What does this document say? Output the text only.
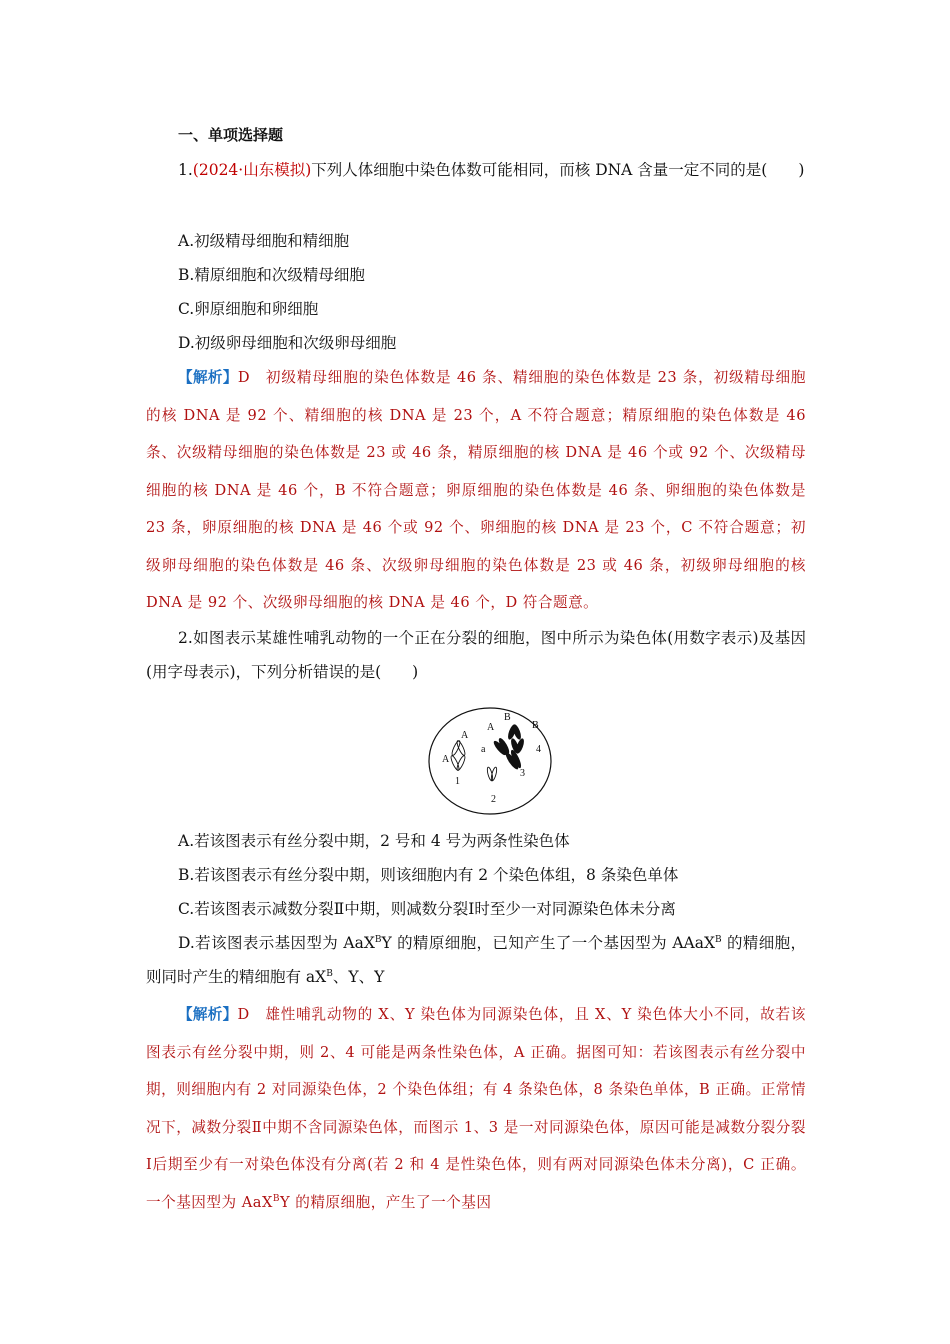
一、单项选择题
1.(2024·山东模拟)下列人体细胞中染色体数可能相同，而核 DNA 含量一定不同的是(　　)
A.初级精母细胞和精细胞
B.精原细胞和次级精母细胞
C.卵原细胞和卵细胞
D.初级卵母细胞和次级卵母细胞
【解析】D　初级精母细胞的染色体数是 46 条、精细胞的染色体数是 23 条，初级精母细胞的核 DNA 是 92 个、精细胞的核 DNA 是 23 个，A 不符合题意；精原细胞的染色体数是 46 条、次级精母细胞的染色体数是 23 或 46 条，精原细胞的核 DNA 是 46 个或 92 个、次级精母细胞的核 DNA 是 46 个，B 不符合题意；卵原细胞的染色体数是 46 条、卵细胞的染色体数是 23 条，卵原细胞的核 DNA 是 46 个或 92 个、卵细胞的核 DNA 是 23 个，C 不符合题意；初级卵母细胞的染色体数是 46 条、次级卵母细胞的染色体数是 23 或 46 条，初级卵母细胞的核 DNA 是 92 个、次级卵母细胞的核 DNA 是 46 个，D 符合题意。
2.如图表示某雄性哺乳动物的一个正在分裂的细胞，图中所示为染色体(用数字表示)及基因(用字母表示)，下列分析错误的是(　　)
A
A
A
a
B
B
1
2
3
4
A.若该图表示有丝分裂中期，2 号和 4 号为两条性染色体
B.若该图表示有丝分裂中期，则该细胞内有 2 个染色体组，8 条染色单体
C.若该图表示减数分裂Ⅱ中期，则减数分裂Ⅰ时至少一对同源染色体未分离
D.若该图表示基因型为 AaX$^B$Y 的精原细胞，已知产生了一个基因型为 AAaX$^B$ 的精细胞，则同时产生的精细胞有 $aX^B$、Y、Y
【解析】D　雄性哺乳动物的 X、Y 染色体为同源染色体，且 X、Y 染色体大小不同，故若该图表示有丝分裂中期，则 2、4 可能是两条性染色体，A 正确。据图可知：若该图表示有丝分裂中期，则细胞内有 2 对同源染色体，2 个染色体组；有 4 条染色体，8 条染色单体，B 正确。正常情况下，减数分裂Ⅱ中期不含同源染色体，而图示 1、3 是一对同源染色体，原因可能是减数分裂分裂Ⅰ后期至少有一对染色体没有分离(若 2 和 4 是性染色体，则有两对同源染色体未分离)，C 正确。一个基因型为 AaX$^B$Y 的精原细胞，产生了一个基因
